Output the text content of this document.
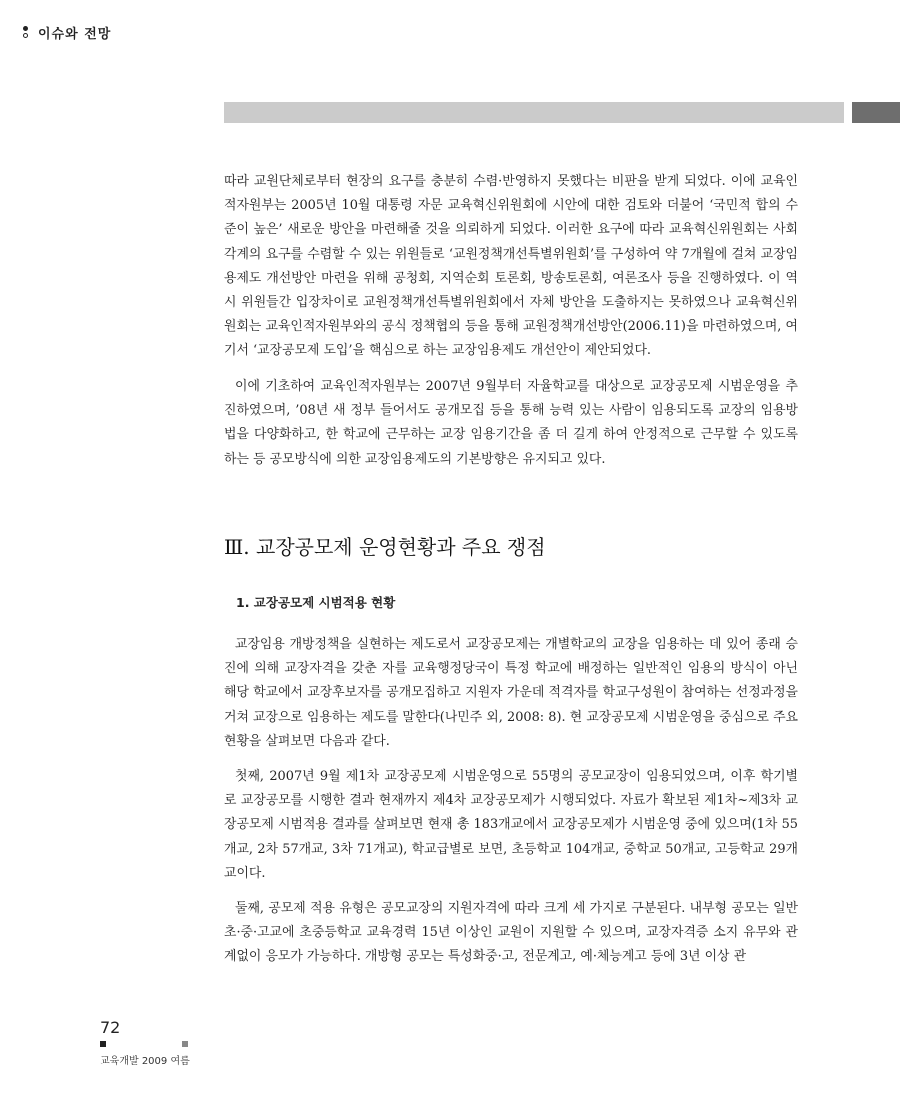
이슈와 전망

따라 교원단체로부터 현장의 요구를 충분히 수렴·반영하지 못했다는 비판을 받게 되었다. 이에 교육인적자원부는 2005년 10월 대통령 자문 교육혁신위원회에 시안에 대한 검토와 더불어 ‘국민적 합의 수준이 높은’ 새로운 방안을 마련해줄 것을 의뢰하게 되었다. 이러한 요구에 따라 교육혁신위원회는 사회 각계의 요구를 수렴할 수 있는 위원들로 ‘교원정책개선특별위원회’를 구성하여 약 7개월에 걸쳐 교장임용제도 개선방안 마련을 위해 공청회, 지역순회 토론회, 방송토론회, 여론조사 등을 진행하였다. 이 역시 위원들간 입장차이로 교원정책개선특별위원회에서 자체 방안을 도출하지는 못하였으나 교육혁신위원회는 교육인적자원부와의 공식 정책협의 등을 통해 교원정책개선방안(2006.11)을 마련하였으며, 여기서 ‘교장공모제 도입’을 핵심으로 하는 교장임용제도 개선안이 제안되었다.

이에 기초하여 교육인적자원부는 2007년 9월부터 자율학교를 대상으로 교장공모제 시범운영을 추진하였으며, ’08년 새 정부 들어서도 공개모집 등을 통해 능력 있는 사람이 임용되도록 교장의 임용방법을 다양화하고, 한 학교에 근무하는 교장 임용기간을 좀 더 길게 하여 안정적으로 근무할 수 있도록 하는 등 공모방식에 의한 교장임용제도의 기본방향은 유지되고 있다.

Ⅲ. 교장공모제 운영현황과 주요 쟁점
1. 교장공모제 시범적용 현황

교장임용 개방정책을 실현하는 제도로서 교장공모제는 개별학교의 교장을 임용하는 데 있어 종래 승진에 의해 교장자격을 갖춘 자를 교육행정당국이 특정 학교에 배정하는 일반적인 임용의 방식이 아닌 해당 학교에서 교장후보자를 공개모집하고 지원자 가운데 적격자를 학교구성원이 참여하는 선정과정을 거쳐 교장으로 임용하는 제도를 말한다(나민주 외, 2008: 8). 현 교장공모제 시범운영을 중심으로 주요 현황을 살펴보면 다음과 같다.

첫째, 2007년 9월 제1차 교장공모제 시범운영으로 55명의 공모교장이 임용되었으며, 이후 학기별로 교장공모를 시행한 결과 현재까지 제4차 교장공모제가 시행되었다. 자료가 확보된 제1차~제3차 교장공모제 시범적용 결과를 살펴보면 현재 총 183개교에서 교장공모제가 시범운영 중에 있으며(1차 55개교, 2차 57개교, 3차 71개교), 학교급별로 보면, 초등학교 104개교, 중학교 50개교, 고등학교 29개교이다.

둘째, 공모제 적용 유형은 공모교장의 지원자격에 따라 크게 세 가지로 구분된다. 내부형 공모는 일반 초·중·고교에 초중등학교 교육경력 15년 이상인 교원이 지원할 수 있으며, 교장자격증 소지 유무와 관계없이 응모가 가능하다. 개방형 공모는 특성화중·고, 전문계고, 예·체능계고 등에 3년 이상 관

72
교육개발 2009 여름
